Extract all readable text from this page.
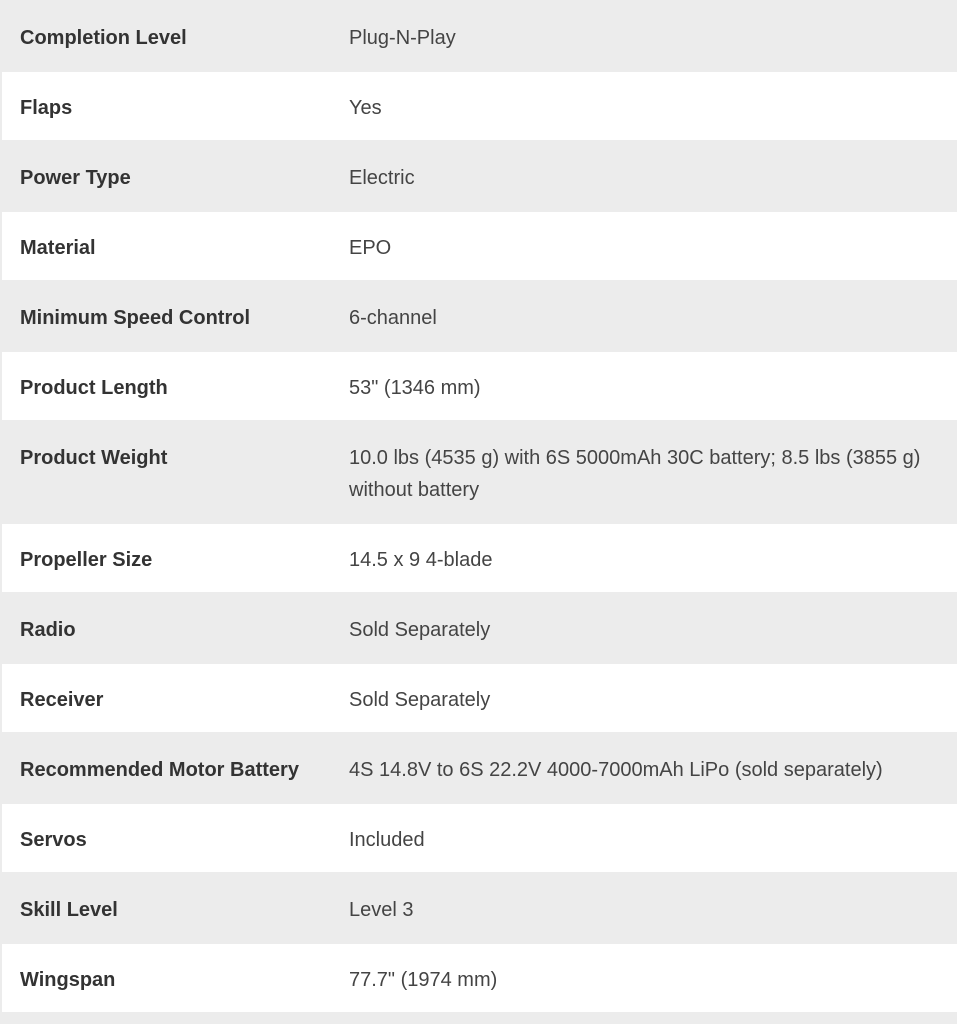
Completion Level	Plug-N-Play

Flaps	Yes

Power Type	Electric

Material	EPO

Minimum Speed Control	6-channel

Product Length	53" (1346 mm)

Product Weight	10.0 lbs (4535 g) with 6S 5000mAh 30C battery; 8.5 lbs (3855 g) without battery

Propeller Size	14.5 x 9 4-blade

Radio	Sold Separately

Receiver	Sold Separately

Recommended Motor Battery	4S 14.8V to 6S 22.2V 4000-7000mAh LiPo (sold separately)

Servos	Included

Skill Level	Level 3

Wingspan	77.7" (1974 mm)
